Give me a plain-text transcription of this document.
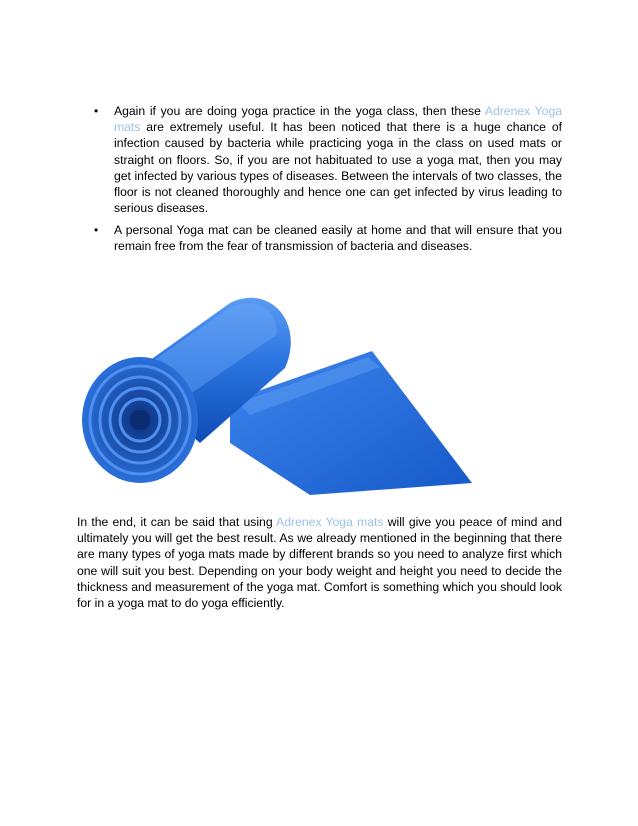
• Again if you are doing yoga practice in the yoga class, then these Adrenex Yoga mats are extremely useful. It has been noticed that there is a huge chance of infection caused by bacteria while practicing yoga in the class on used mats or straight on floors. So, if you are not habituated to use a yoga mat, then you may get infected by various types of diseases. Between the intervals of two classes, the floor is not cleaned thoroughly and hence one can get infected by virus leading to serious diseases.
• A personal Yoga mat can be cleaned easily at home and that will ensure that you remain free from the fear of transmission of bacteria and diseases.

In the end, it can be said that using Adrenex Yoga mats will give you peace of mind and ultimately you will get the best result. As we already mentioned in the beginning that there are many types of yoga mats made by different brands so you need to analyze first which one will suit you best. Depending on your body weight and height you need to decide the thickness and measurement of the yoga mat. Comfort is something which you should look for in a yoga mat to do yoga efficiently.
